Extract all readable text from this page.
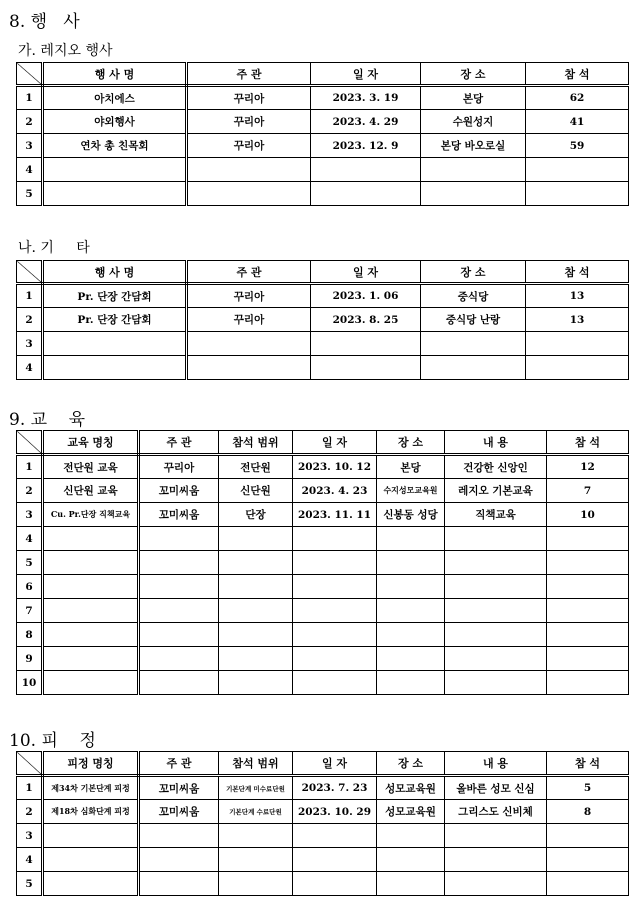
8. 행   사
가. 레지오 행사
	행 사 명	주 관	일 자	장 소	참 석
1	아치에스	꾸리아	2023. 3. 19	본당	62
2	야외행사	꾸리아	2023. 4. 29	수원성지	41
3	연차 총 친목회	꾸리아	2023. 12. 9	본당 바오로실	59
4					
5					
나. 기     타
	행 사 명	주 관	일 자	장 소	참 석
1	Pr. 단장 간담회	꾸리아	2023. 1. 06	중식당	13
2	Pr. 단장 간담회	꾸리아	2023. 8. 25	중식당 난랑	13
3					
4					
9. 교    육
	교육 명칭	주 관	참석 범위	일 자	장 소	내 용	참 석
1	전단원 교육	꾸리아	전단원	2023. 10. 12	본당	건강한 신앙인	12
2	신단원 교육	꼬미씨움	신단원	2023. 4. 23	수지성모교육원	레지오 기본교육	7
3	Cu. Pr.단장 직책교육	꼬미씨움	단장	2023. 11. 11	신봉동 성당	직책교육	10
4							
5							
6							
7							
8							
9							
10							
10. 피    정
	피정 명칭	주 관	참석 범위	일 자	장 소	내 용	참 석
1	제34차 기본단계 피정	꼬미씨움	기본단계 미수료단원	2023. 7. 23	성모교육원	올바른 성모 신심	5
2	제18차 심화단계 피정	꼬미씨움	기본단계 수료단원	2023. 10. 29	성모교육원	그리스도 신비체	8
3							
4							
5							
